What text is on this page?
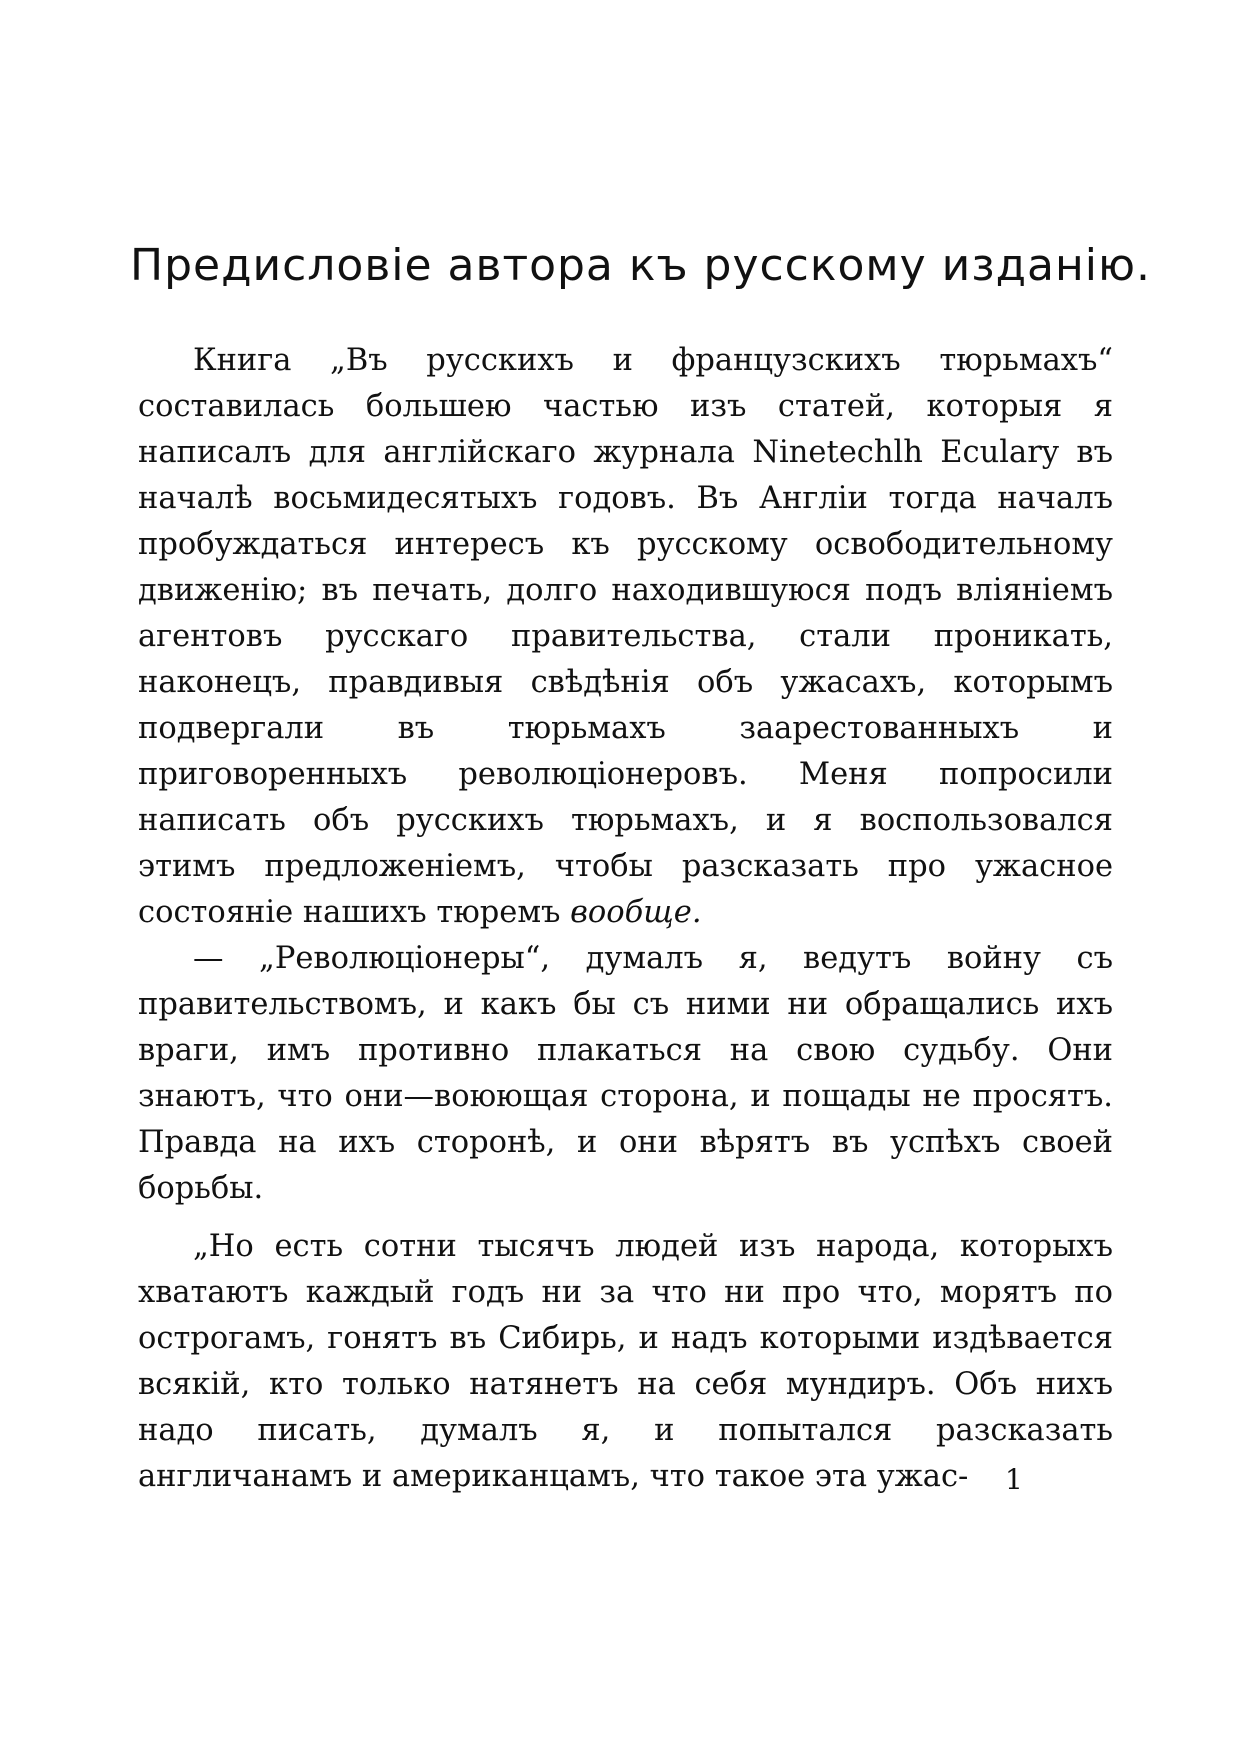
Предисловіе автора къ русскому изданію.

Книга „Въ русскихъ и французскихъ тюрьмахъ“ составилась большею частью изъ статей, которыя я написалъ для англійскаго журнала Ninetechlh Eculary въ началѣ восьмидесятыхъ годовъ. Въ Англіи тогда началъ пробуждаться интересъ къ русскому освободительному движенію; въ печать, долго находившуюся подъ вліяніемъ агентовъ русскаго правительства, стали проникать, наконецъ, правдивыя свѣдѣнія объ ужасахъ, которымъ подвергали въ тюрьмахъ заарестованныхъ и приговоренныхъ революціонеровъ. Меня попросили написать объ русскихъ тюрьмахъ, и я воспользовался этимъ предложеніемъ, чтобы разсказать про ужасное состояніе нашихъ тюремъ вообще.

— „Революціонеры“, думалъ я, ведутъ войну съ правительствомъ, и какъ бы съ ними ни обращались ихъ враги, имъ противно плакаться на свою судьбу. Они знаютъ, что они—воюющая сторона, и пощады не просятъ. Правда на ихъ сторонѣ, и они вѣрятъ въ успѣхъ своей борьбы.

„Но есть сотни тысячъ людей изъ народа, которыхъ хватаютъ каждый годъ ни за что ни про что, морятъ по острогамъ, гонятъ въ Сибирь, и надъ которыми издѣвается всякій, кто только натянетъ на себя мундиръ. Объ нихъ надо писать, думалъ я, и попытался разсказать англичанамъ и американцамъ, что такое эта ужас-	1
